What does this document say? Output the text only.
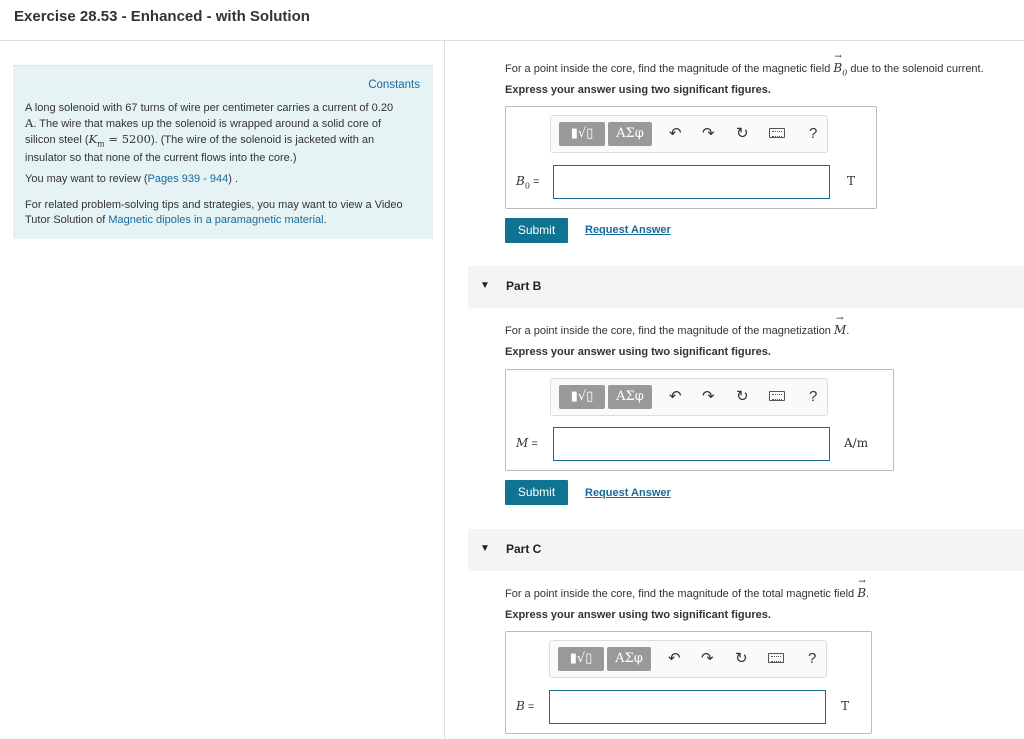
Exercise 28.53 - Enhanced - with Solution
Constants
A long solenoid with 67 turns of wire per centimeter carries a current of 0.20
A. The wire that makes up the solenoid is wrapped around a solid core of
silicon steel $(K_m = 5200)$. (The wire of the solenoid is jacketed with an
insulator so that none of the current flows into the core.)
You may want to review (Pages 939 - 944) .
For related problem-solving tips and strategies, you may want to view a Video Tutor Solution of Magnetic dipoles in a paramagnetic material.
For a point inside the core, find the magnitude of the magnetic field
→
$B_0$ due to the solenoid current.
Express your answer using two significant figures.
▮√▯	ΑΣφ	↶ ↷ ↻	?
$B_0$ =	T
Submit	Request Answer
▼ Part B
For a point inside the core, find the magnitude of the magnetization
→
M.
Express your answer using two significant figures.
▮√▯	ΑΣφ	↶ ↷ ↻	?
M =	A/m
Submit	Request Answer
▼ Part C
For a point inside the core, find the magnitude of the total magnetic field
→
B.
Express your answer using two significant figures.
▮√▯	ΑΣφ	↶ ↷ ↻	?
B =	T
